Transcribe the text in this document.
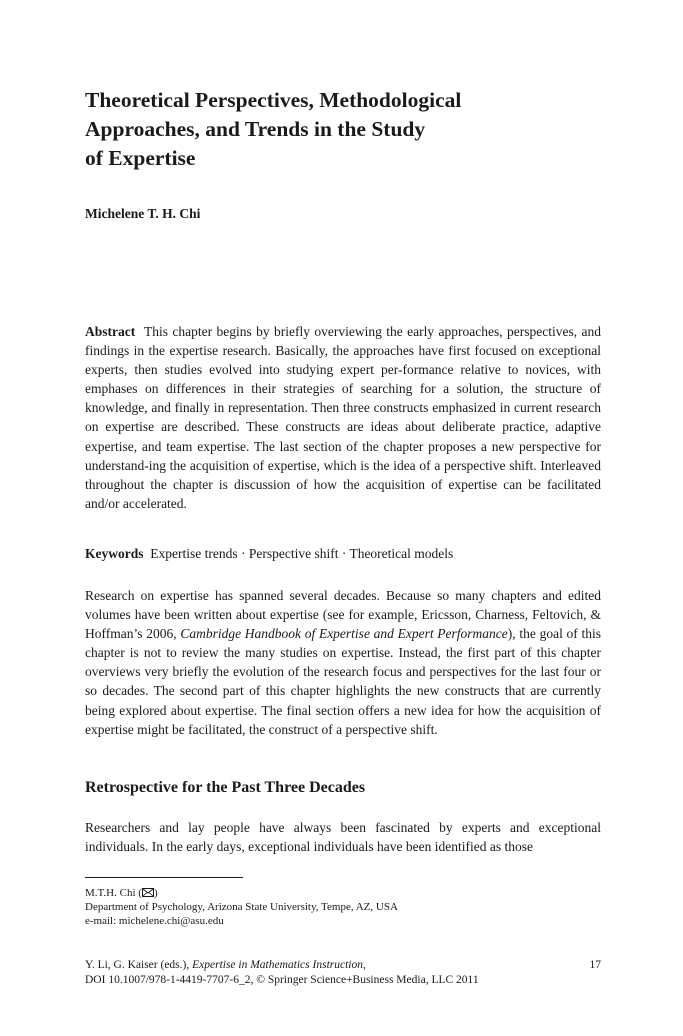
Theoretical Perspectives, Methodological
Approaches, and Trends in the Study
of Expertise

Michelene T. H. Chi

Abstract This chapter begins by briefly overviewing the early approaches, perspectives, and findings in the expertise research. Basically, the approaches have first focused on exceptional experts, then studies evolved into studying expert per-formance relative to novices, with emphases on differences in their strategies of searching for a solution, the structure of knowledge, and finally in representation. Then three constructs emphasized in current research on expertise are described. These constructs are ideas about deliberate practice, adaptive expertise, and team expertise. The last section of the chapter proposes a new perspective for understand-ing the acquisition of expertise, which is the idea of a perspective shift. Interleaved throughout the chapter is discussion of how the acquisition of expertise can be facilitated and/or accelerated.

Keywords Expertise trends · Perspective shift · Theoretical models

Research on expertise has spanned several decades. Because so many chapters and edited volumes have been written about expertise (see for example, Ericsson, Charness, Feltovich, & Hoffman’s 2006, Cambridge Handbook of Expertise and Expert Performance), the goal of this chapter is not to review the many studies on expertise. Instead, the first part of this chapter overviews very briefly the evolution of the research focus and perspectives for the last four or so decades. The second part of this chapter highlights the new constructs that are currently being explored about expertise. The final section offers a new idea for how the acquisition of expertise might be facilitated, the construct of a perspective shift.

Retrospective for the Past Three Decades

Researchers and lay people have always been fascinated by experts and exceptional individuals. In the early days, exceptional individuals have been identified as those

M.T.H. Chi ( )
Department of Psychology, Arizona State University, Tempe, AZ, USA
e-mail: michelene.chi@asu.edu
Y. Li, G. Kaiser (eds.), Expertise in Mathematics Instruction,
DOI 10.1007/978-1-4419-7707-6_2, © Springer Science+Business Media, LLC 2011
17
